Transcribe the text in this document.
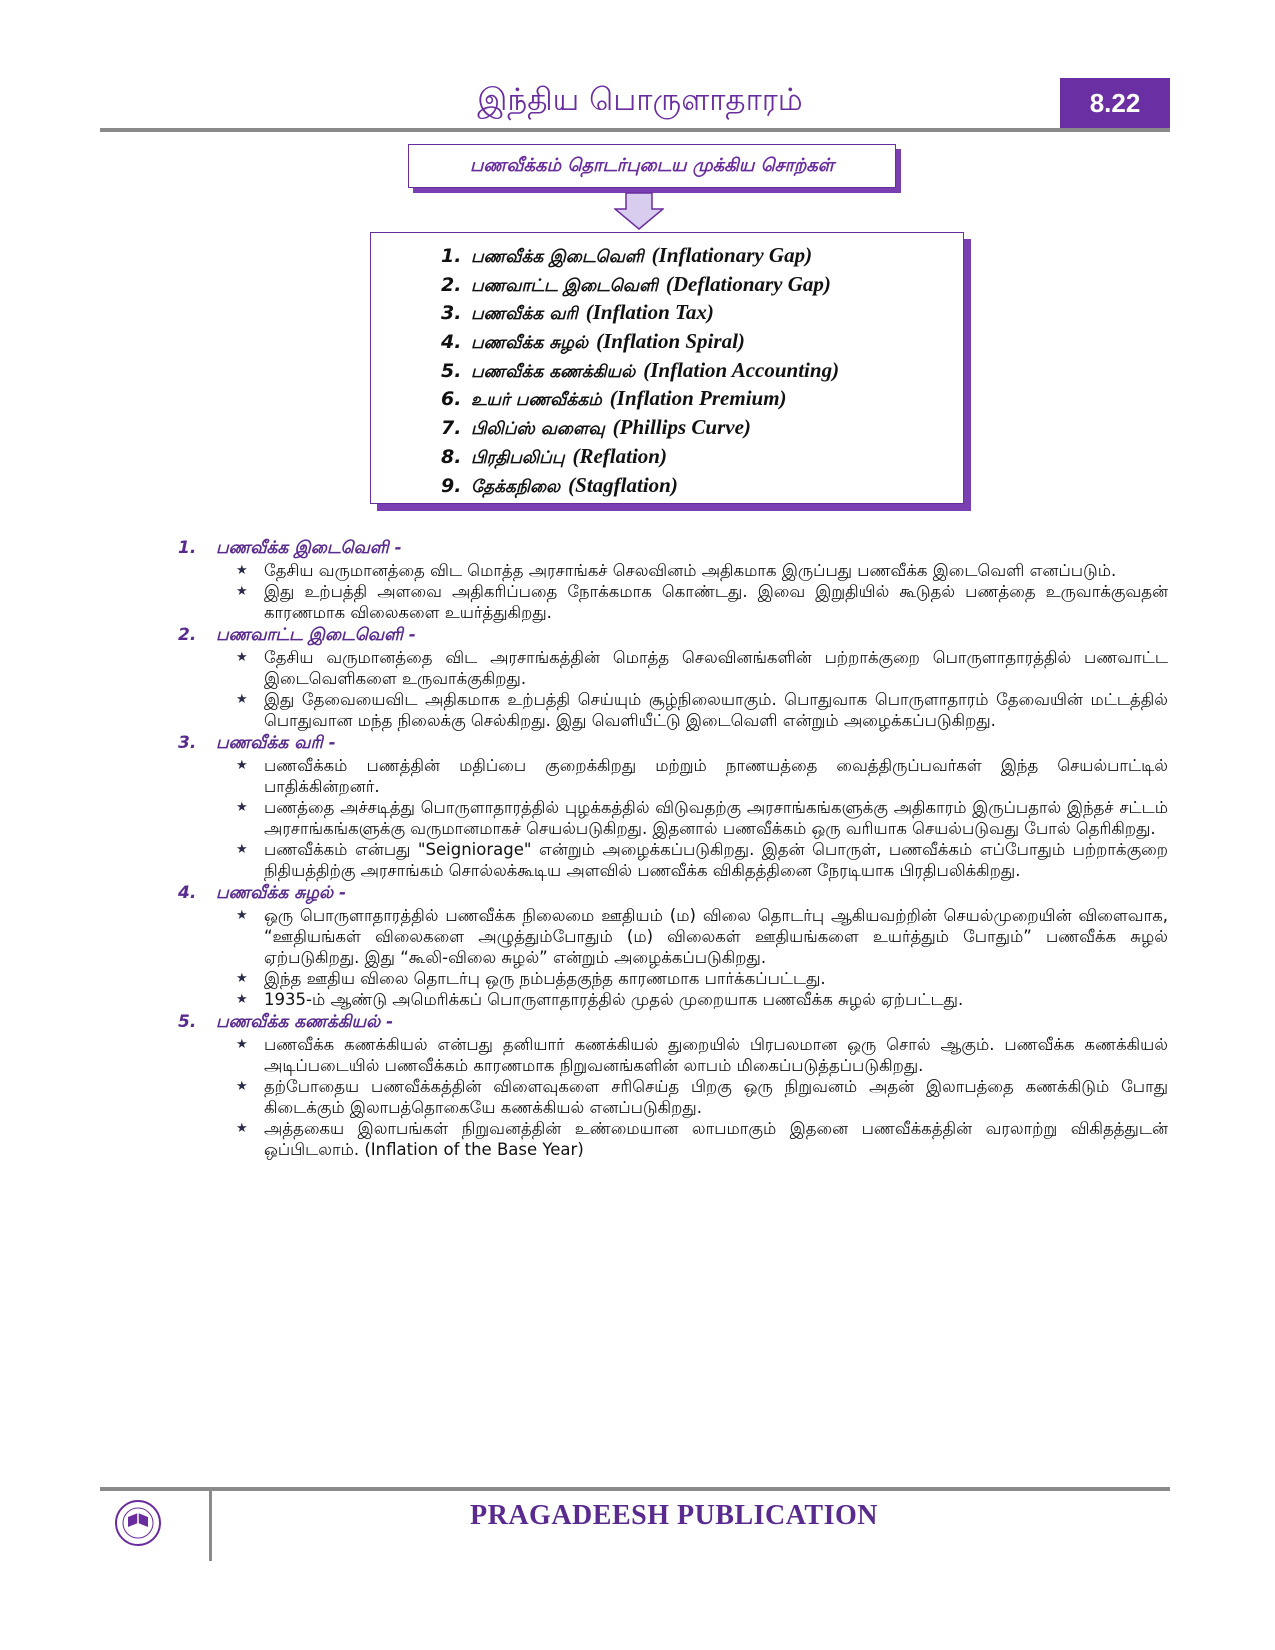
இந்திய பொருளாதாரம்	8.22
பணவீக்கம் தொடர்புடைய முக்கிய சொற்கள்
1. பணவீக்க இடைவெளி (Inflationary Gap)
2. பணவாட்ட இடைவெளி (Deflationary Gap)
3. பணவீக்க வரி (Inflation Tax)
4. பணவீக்க சுழல் (Inflation Spiral)
5. பணவீக்க கணக்கியல் (Inflation Accounting)
6. உயர் பணவீக்கம் (Inflation Premium)
7. பிலிப்ஸ் வளைவு (Phillips Curve)
8. பிரதிபலிப்பு (Reflation)
9. தேக்கநிலை (Stagflation)
1. பணவீக்க இடைவெளி -
★ தேசிய வருமானத்தை விட மொத்த அரசாங்கச் செலவினம் அதிகமாக இருப்பது பணவீக்க இடைவெளி எனப்படும்.
★ இது உற்பத்தி அளவை அதிகரிப்பதை நோக்கமாக கொண்டது. இவை இறுதியில் கூடுதல் பணத்தை உருவாக்குவதன் காரணமாக விலைகளை உயர்த்துகிறது.
2. பணவாட்ட இடைவெளி -
★ தேசிய வருமானத்தை விட அரசாங்கத்தின் மொத்த செலவினங்களின் பற்றாக்குறை பொருளாதாரத்தில் பணவாட்ட இடைவெளிகளை உருவாக்குகிறது.
★ இது தேவையைவிட அதிகமாக உற்பத்தி செய்யும் சூழ்நிலையாகும். பொதுவாக பொருளாதாரம் தேவையின் மட்டத்தில் பொதுவான மந்த நிலைக்கு செல்கிறது. இது வெளியீட்டு இடைவெளி என்றும் அழைக்கப்படுகிறது.
3. பணவீக்க வரி -
★ பணவீக்கம் பணத்தின் மதிப்பை குறைக்கிறது மற்றும் நாணயத்தை வைத்திருப்பவர்கள் இந்த செயல்பாட்டில் பாதிக்கின்றனர்.
★ பணத்தை அச்சடித்து பொருளாதாரத்தில் புழக்கத்தில் விடுவதற்கு அரசாங்கங்களுக்கு அதிகாரம் இருப்பதால் இந்தச் சட்டம் அரசாங்கங்களுக்கு வருமானமாகச் செயல்படுகிறது. இதனால் பணவீக்கம் ஒரு வரியாக செயல்படுவது போல் தெரிகிறது.
★ பணவீக்கம் என்பது "Seigniorage" என்றும் அழைக்கப்படுகிறது. இதன் பொருள், பணவீக்கம் எப்போதும் பற்றாக்குறை நிதியத்திற்கு அரசாங்கம் சொல்லக்கூடிய அளவில் பணவீக்க விகிதத்தினை நேரடியாக பிரதிபலிக்கிறது.
4. பணவீக்க சுழல் -
★ ஒரு பொருளாதாரத்தில் பணவீக்க நிலைமை ஊதியம் (ம) விலை தொடர்பு ஆகியவற்றின் செயல்முறையின் விளைவாக, “ஊதியங்கள் விலைகளை அழுத்தும்போதும் (ம) விலைகள் ஊதியங்களை உயர்த்தும் போதும்” பணவீக்க சுழல் ஏற்படுகிறது. இது “கூலி-விலை சுழல்” என்றும் அழைக்கப்படுகிறது.
★ இந்த ஊதிய விலை தொடர்பு ஒரு நம்பத்தகுந்த காரணமாக பார்க்கப்பட்டது.
★ 1935-ம் ஆண்டு அமெரிக்கப் பொருளாதாரத்தில் முதல் முறையாக பணவீக்க சுழல் ஏற்பட்டது.
5. பணவீக்க கணக்கியல் -
★ பணவீக்க கணக்கியல் என்பது தனியார் கணக்கியல் துறையில் பிரபலமான ஒரு சொல் ஆகும். பணவீக்க கணக்கியல் அடிப்படையில் பணவீக்கம் காரணமாக நிறுவனங்களின் லாபம் மிகைப்படுத்தப்படுகிறது.
★ தற்போதைய பணவீக்கத்தின் விளைவுகளை சரிசெய்த பிறகு ஒரு நிறுவனம் அதன் இலாபத்தை கணக்கிடும் போது கிடைக்கும் இலாபத்தொகையே கணக்கியல் எனப்படுகிறது.
★ அத்தகைய இலாபங்கள் நிறுவனத்தின் உண்மையான லாபமாகும் இதனை பணவீக்கத்தின் வரலாற்று விகிதத்துடன் ஒப்பிடலாம். (Inflation of the Base Year)
PRAGADEESH PUBLICATION
